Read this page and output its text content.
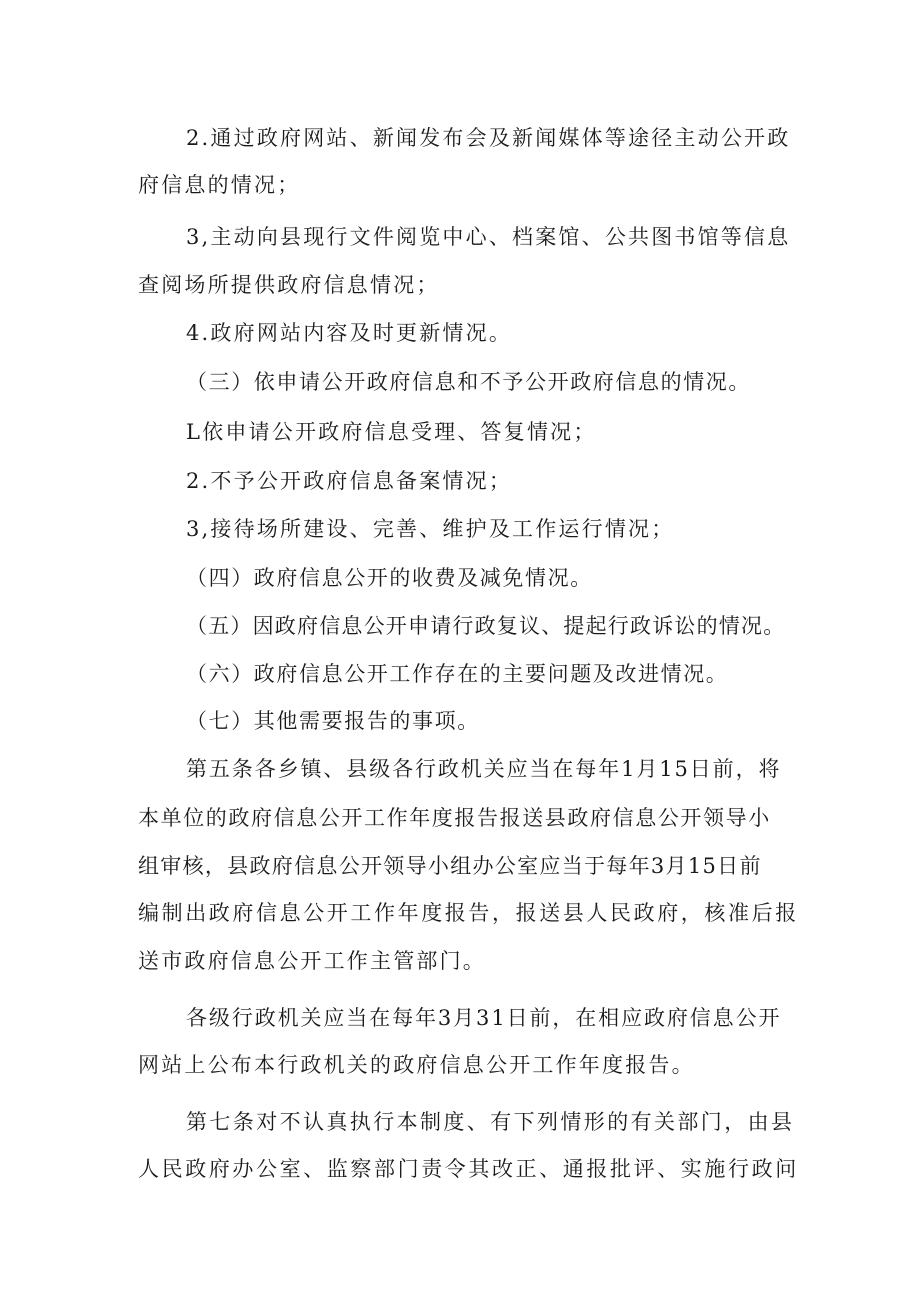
2.通过政府网站、新闻发布会及新闻媒体等途径主动公开政
府信息的情况；
3,主动向县现行文件阅览中心、档案馆、公共图书馆等信息
查阅场所提供政府信息情况；
4.政府网站内容及时更新情况。
（三）依申请公开政府信息和不予公开政府信息的情况。
L依申请公开政府信息受理、答复情况；
2.不予公开政府信息备案情况；
3,接待场所建设、完善、维护及工作运行情况；
（四）政府信息公开的收费及减免情况。
（五）因政府信息公开申请行政复议、提起行政诉讼的情况。
（六）政府信息公开工作存在的主要问题及改进情况。
（七）其他需要报告的事项。
第五条各乡镇、县级各行政机关应当在每年1月15日前，将
本单位的政府信息公开工作年度报告报送县政府信息公开领导小
组审核，县政府信息公开领导小组办公室应当于每年3月15日前
编制出政府信息公开工作年度报告，报送县人民政府，核准后报
送市政府信息公开工作主管部门。
各级行政机关应当在每年3月31日前，在相应政府信息公开
网站上公布本行政机关的政府信息公开工作年度报告。
第七条对不认真执行本制度、有下列情形的有关部门，由县
人民政府办公室、监察部门责令其改正、通报批评、实施行政问
